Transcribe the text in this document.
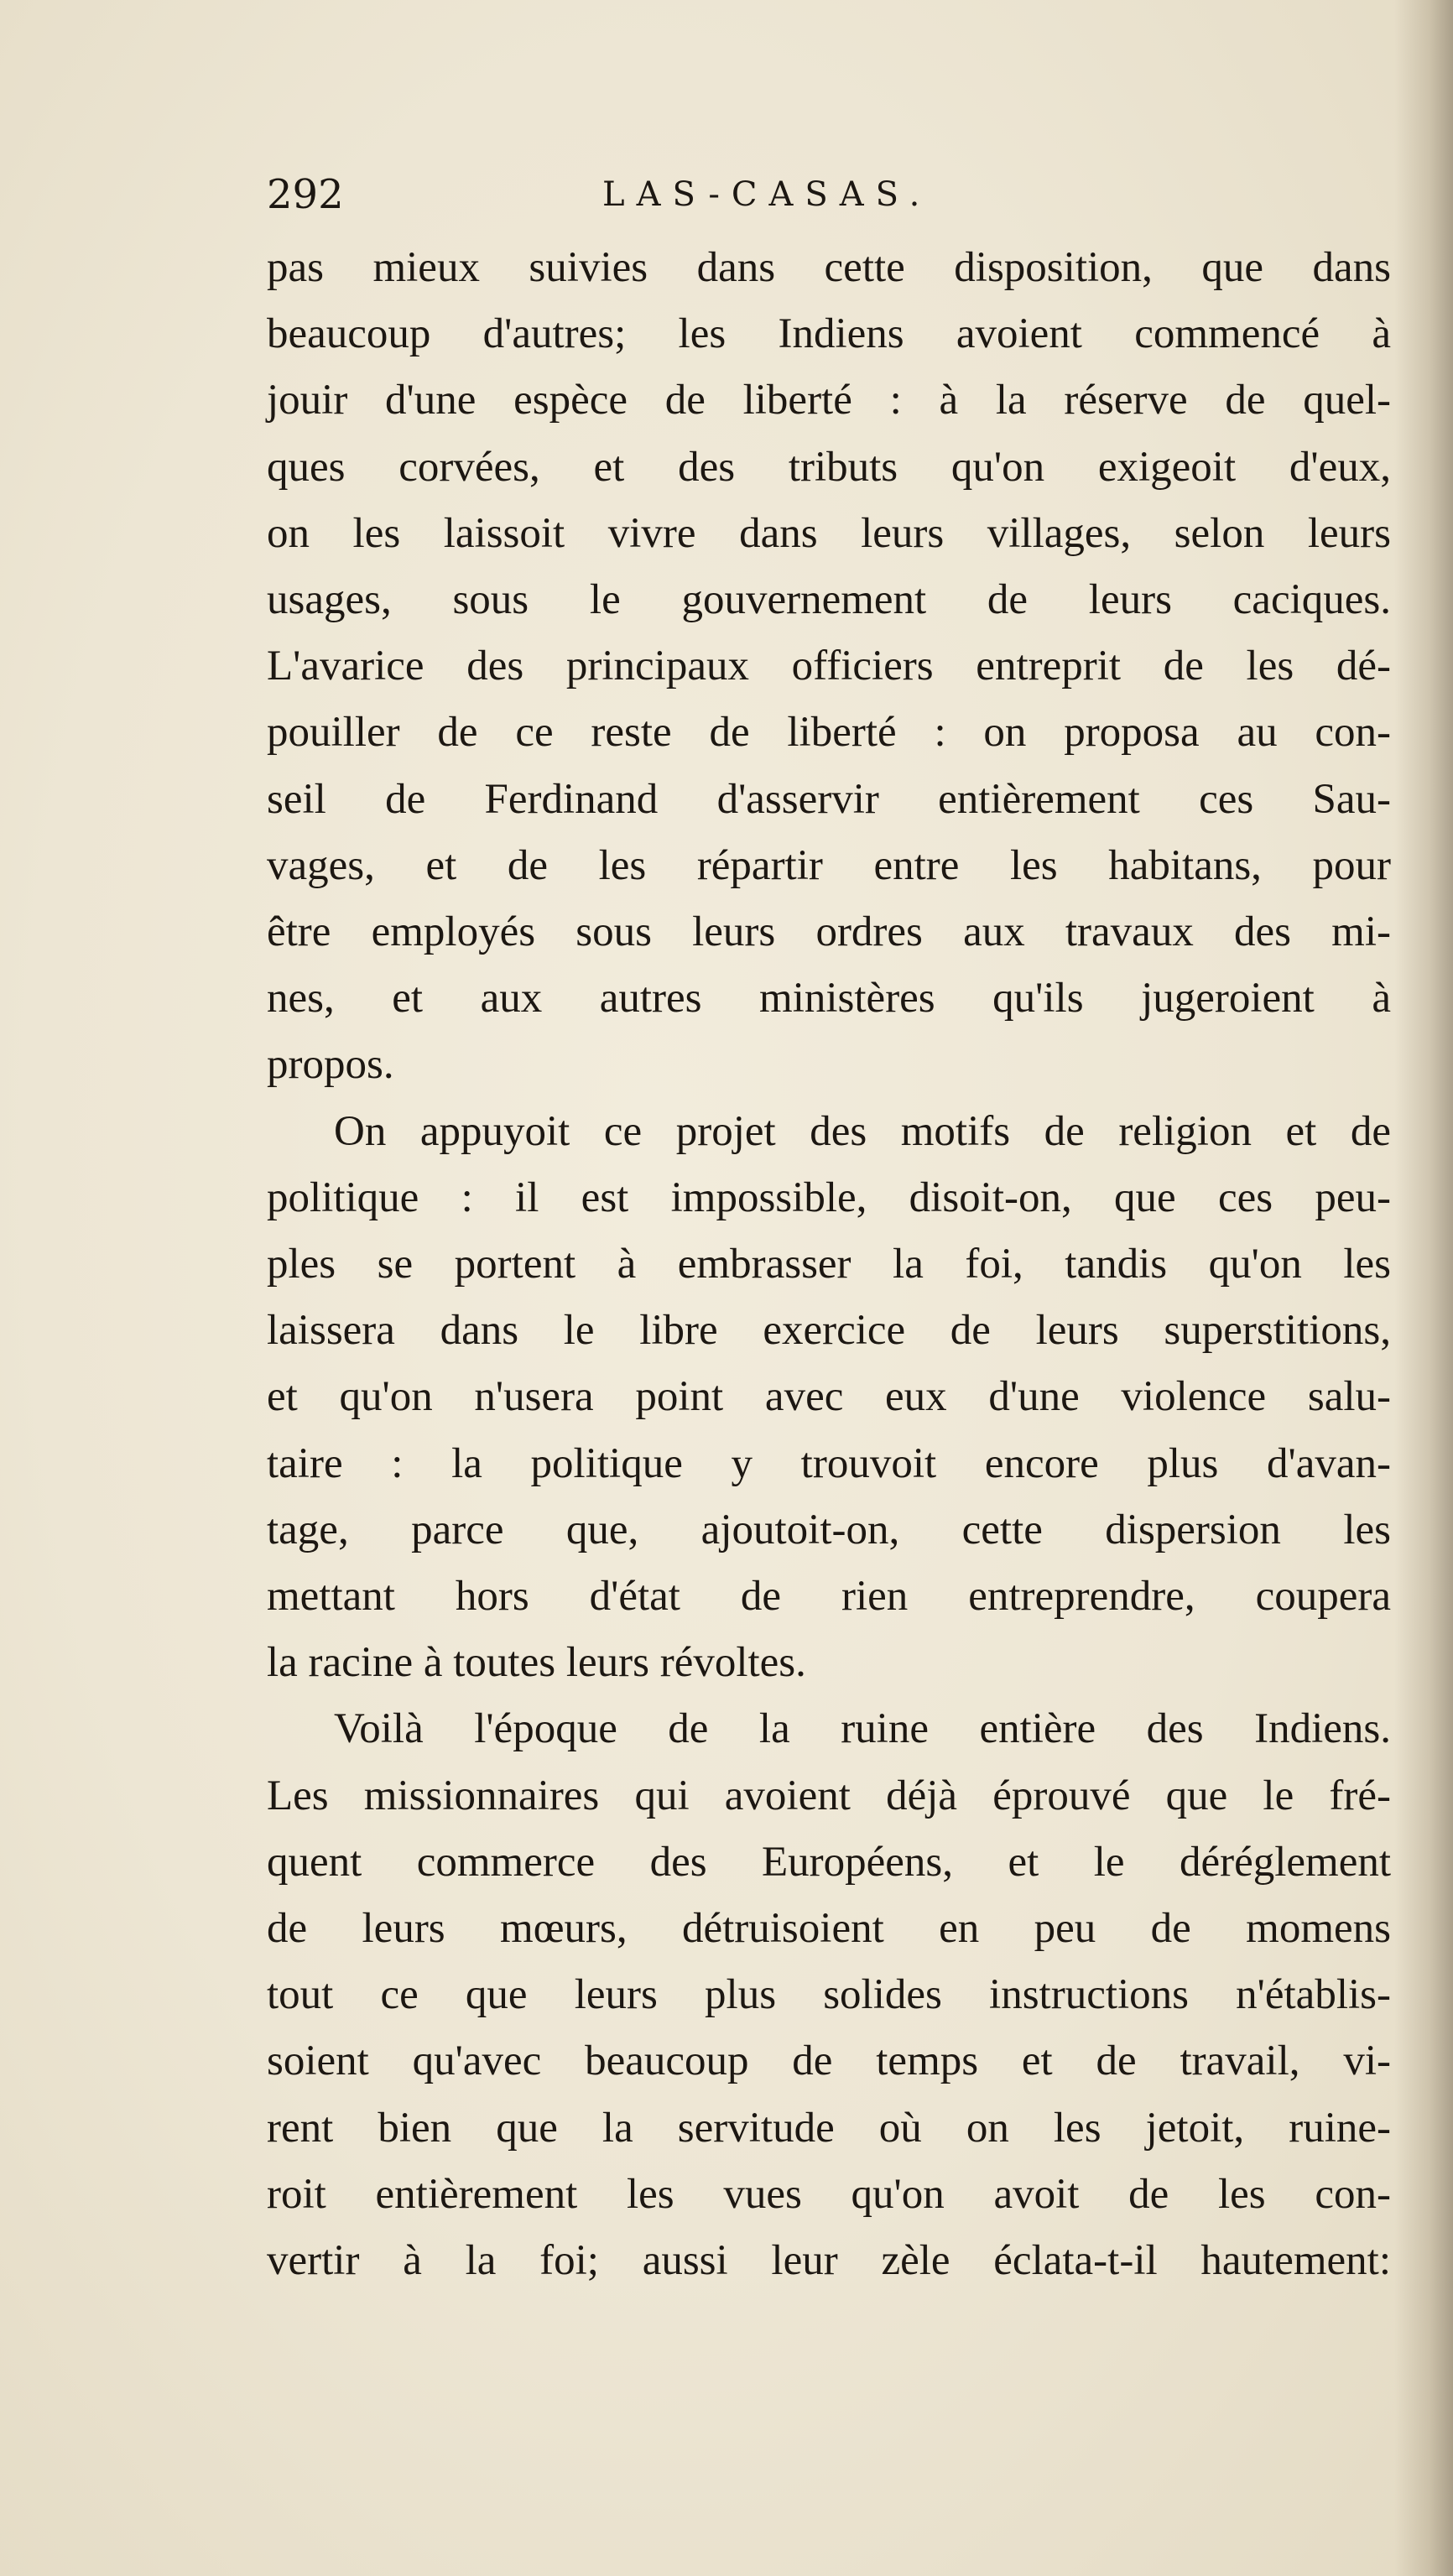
292	LAS-CASAS.

pas mieux suivies dans cette disposition, que dans
beaucoup d'autres; les Indiens avoient commencé à
jouir d'une espèce de liberté : à la réserve de quel-
ques corvées, et des tributs qu'on exigeoit d'eux,
on les laissoit vivre dans leurs villages, selon leurs
usages, sous le gouvernement de leurs caciques.
L'avarice des principaux officiers entreprit de les dé-
pouiller de ce reste de liberté : on proposa au con-
seil de Ferdinand d'asservir entièrement ces Sau-
vages, et de les répartir entre les habitans, pour
être employés sous leurs ordres aux travaux des mi-
nes, et aux autres ministères qu'ils jugeroient à
propos.

On appuyoit ce projet des motifs de religion et de
politique : il est impossible, disoit-on, que ces peu-
ples se portent à embrasser la foi, tandis qu'on les
laissera dans le libre exercice de leurs superstitions,
et qu'on n'usera point avec eux d'une violence salu-
taire : la politique y trouvoit encore plus d'avan-
tage, parce que, ajoutoit-on, cette dispersion les
mettant hors d'état de rien entreprendre, coupera
la racine à toutes leurs révoltes.

Voilà l'époque de la ruine entière des Indiens.
Les missionnaires qui avoient déjà éprouvé que le fré-
quent commerce des Européens, et le déréglement
de leurs mœurs, détruisoient en peu de momens
tout ce que leurs plus solides instructions n'établis-
soient qu'avec beaucoup de temps et de travail, vi-
rent bien que la servitude où on les jetoit, ruine-
roit entièrement les vues qu'on avoit de les con-
vertir à la foi; aussi leur zèle éclata-t-il hautement:
